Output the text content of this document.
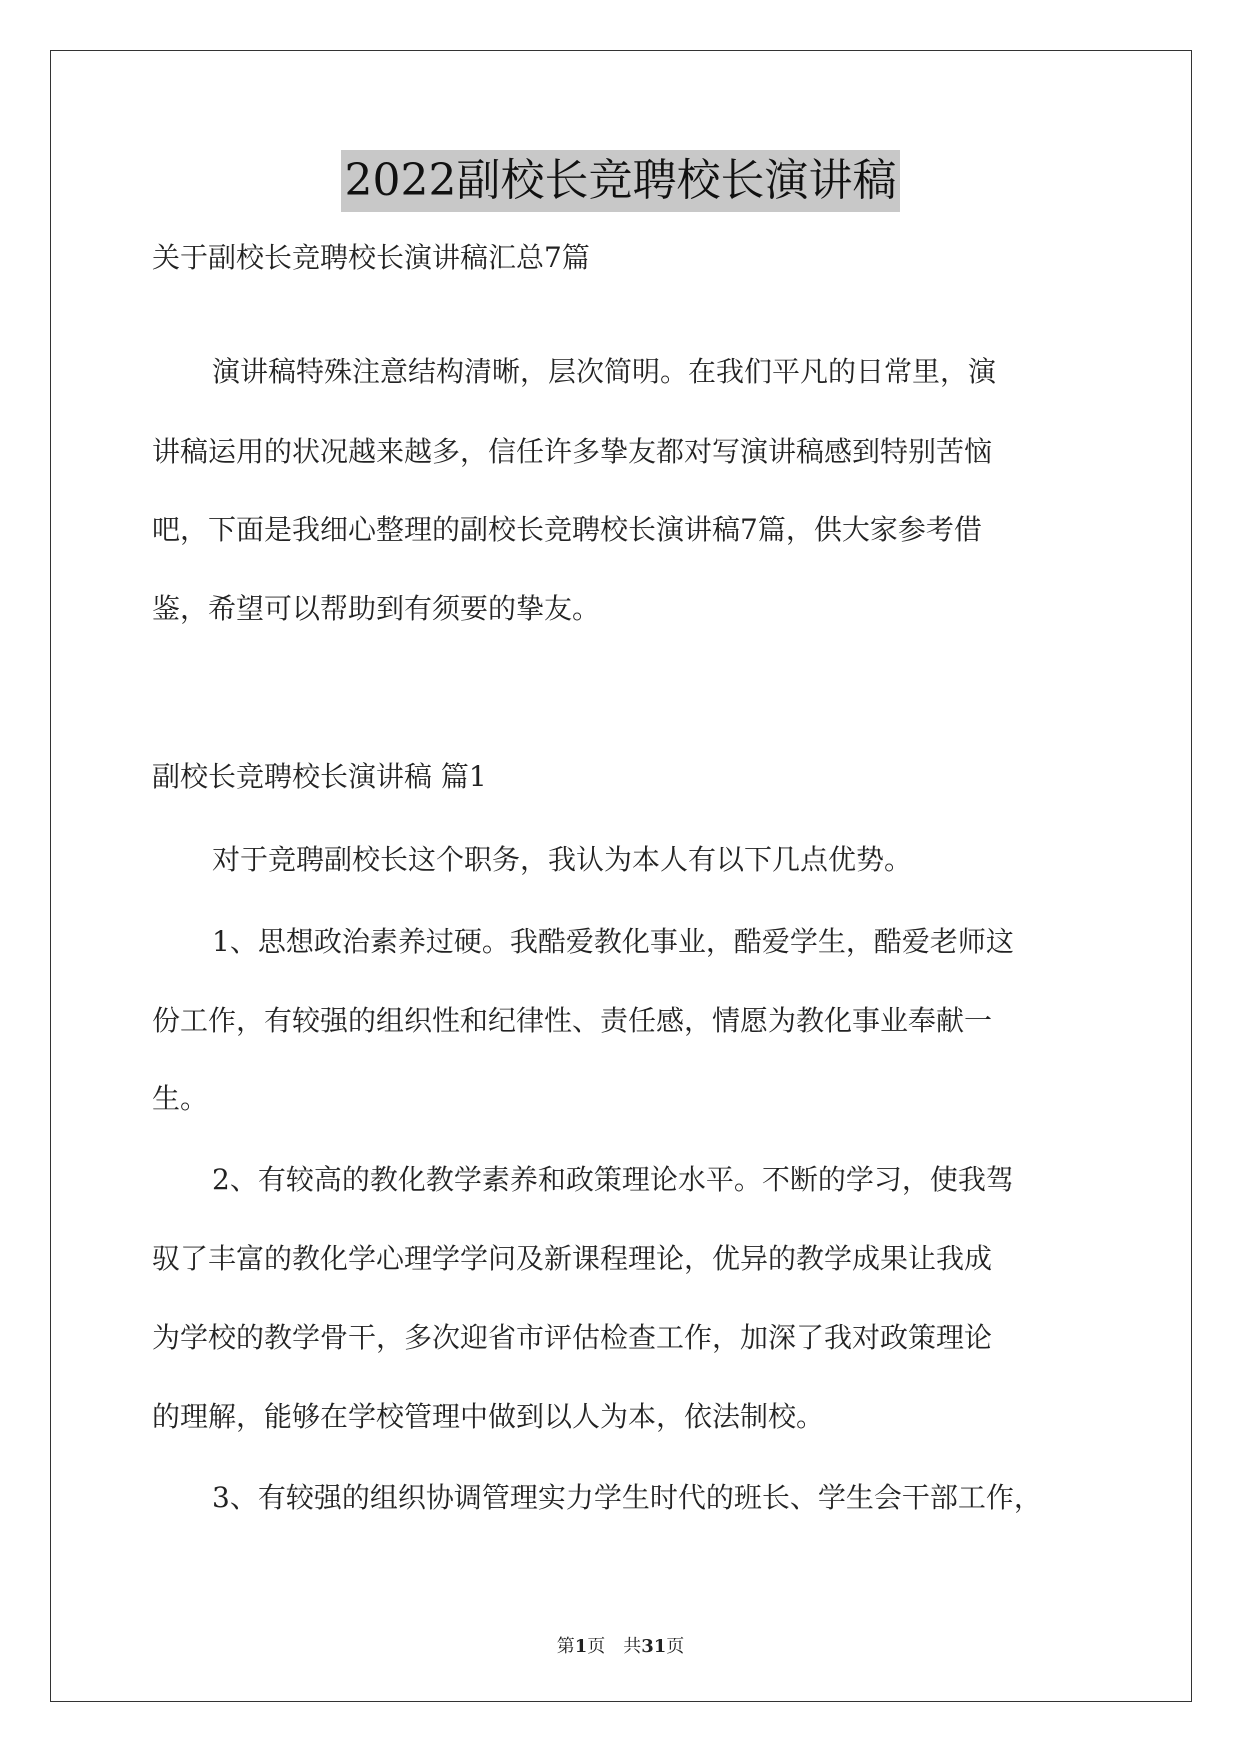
2022副校长竞聘校长演讲稿
关于副校长竞聘校长演讲稿汇总7篇
演讲稿特殊注意结构清晰，层次简明。在我们平凡的日常里，演
讲稿运用的状况越来越多，信任许多挚友都对写演讲稿感到特别苦恼
吧，下面是我细心整理的副校长竞聘校长演讲稿7篇，供大家参考借
鉴，希望可以帮助到有须要的挚友。
副校长竞聘校长演讲稿 篇1
对于竞聘副校长这个职务，我认为本人有以下几点优势。
1、思想政治素养过硬。我酷爱教化事业，酷爱学生，酷爱老师这
份工作，有较强的组织性和纪律性、责任感，情愿为教化事业奉献一
生。
2、有较高的教化教学素养和政策理论水平。不断的学习，使我驾
驭了丰富的教化学心理学学问及新课程理论，优异的教学成果让我成
为学校的教学骨干，多次迎省市评估检查工作，加深了我对政策理论
的理解，能够在学校管理中做到以人为本，依法制校。
3、有较强的组织协调管理实力学生时代的班长、学生会干部工作，
第1页　共31页
